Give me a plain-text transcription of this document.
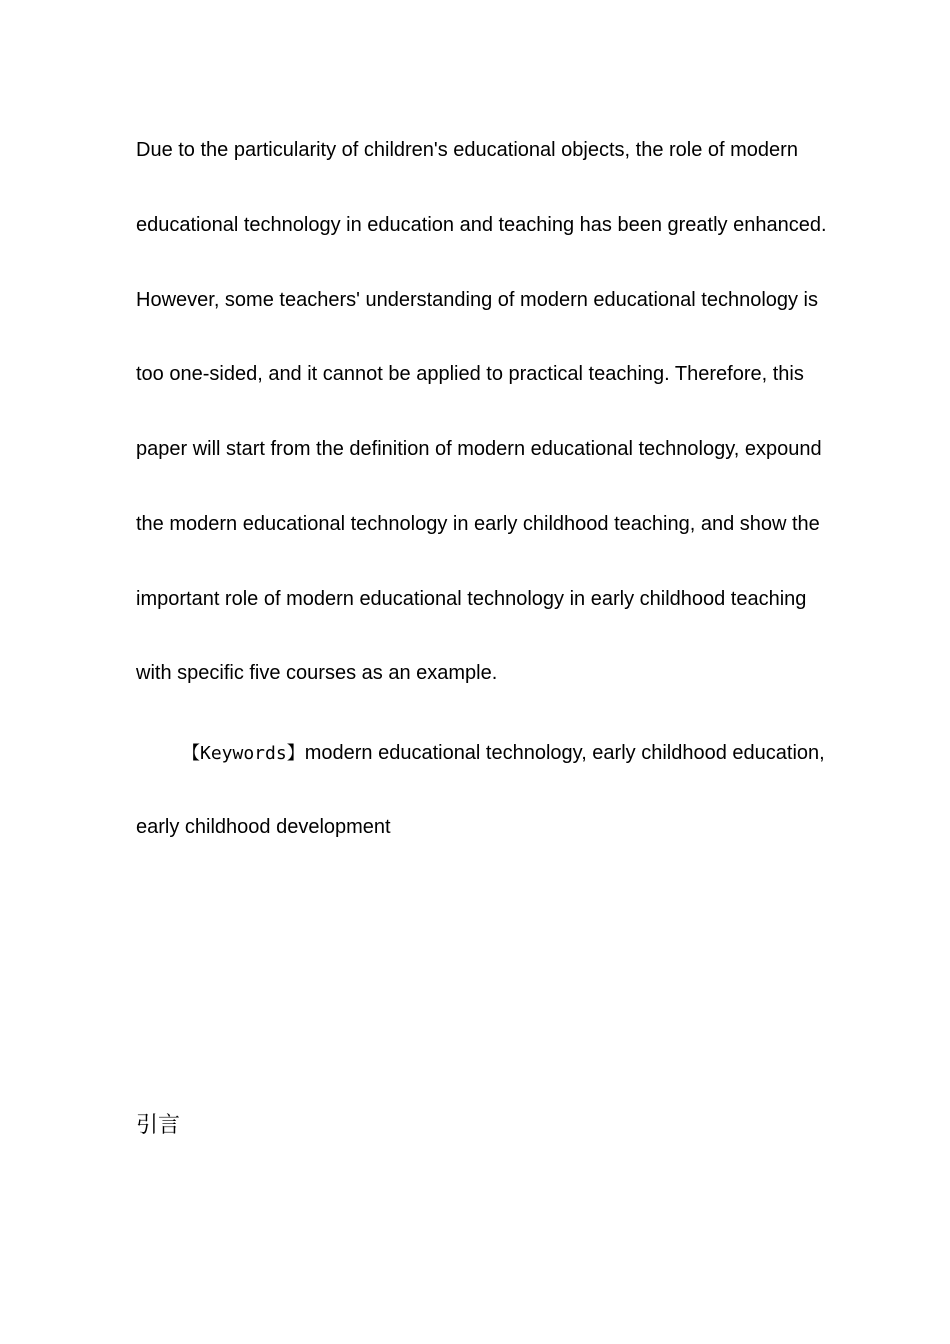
Due to the particularity of children's educational objects, the role of modern
educational technology in education and teaching has been greatly enhanced.
However, some teachers' understanding of modern educational technology is
too one-sided, and it cannot be applied to practical teaching. Therefore, this
paper will start from the definition of modern educational technology, expound
the modern educational technology in early childhood teaching, and show the
important role of modern educational technology in early childhood teaching
with specific five courses as an example.
【Keywords】modern educational technology, early childhood education,
early childhood development
引言
